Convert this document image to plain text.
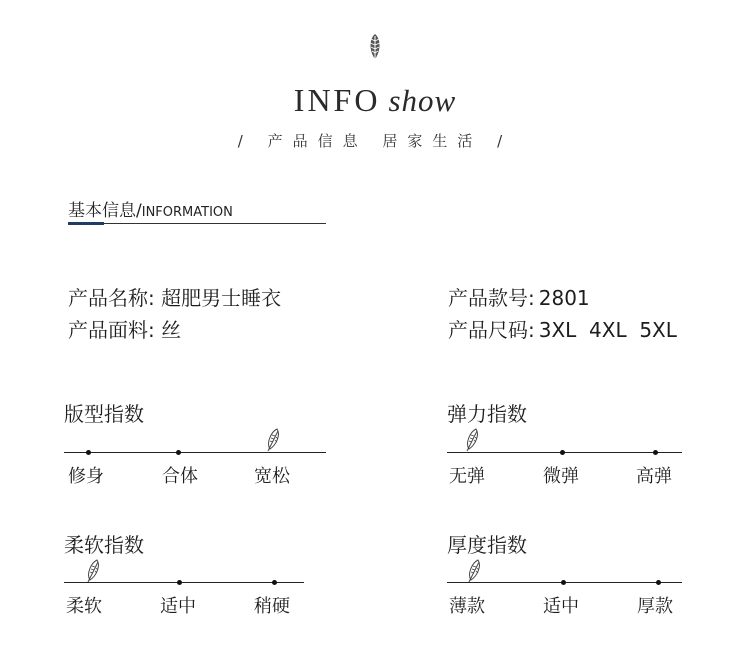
INFO show
/ 产品信息 居家生活 /
基本信息/INFORMATION
产品名称: 超肥男士睡衣
产品面料: 丝
产品款号: 2801
产品尺码: 3XL  4XL  5XL
版型指数
修身	合体	宽松
弹力指数
无弹	微弹	高弹
柔软指数
柔软	适中	稍硬
厚度指数
薄款	适中	厚款
